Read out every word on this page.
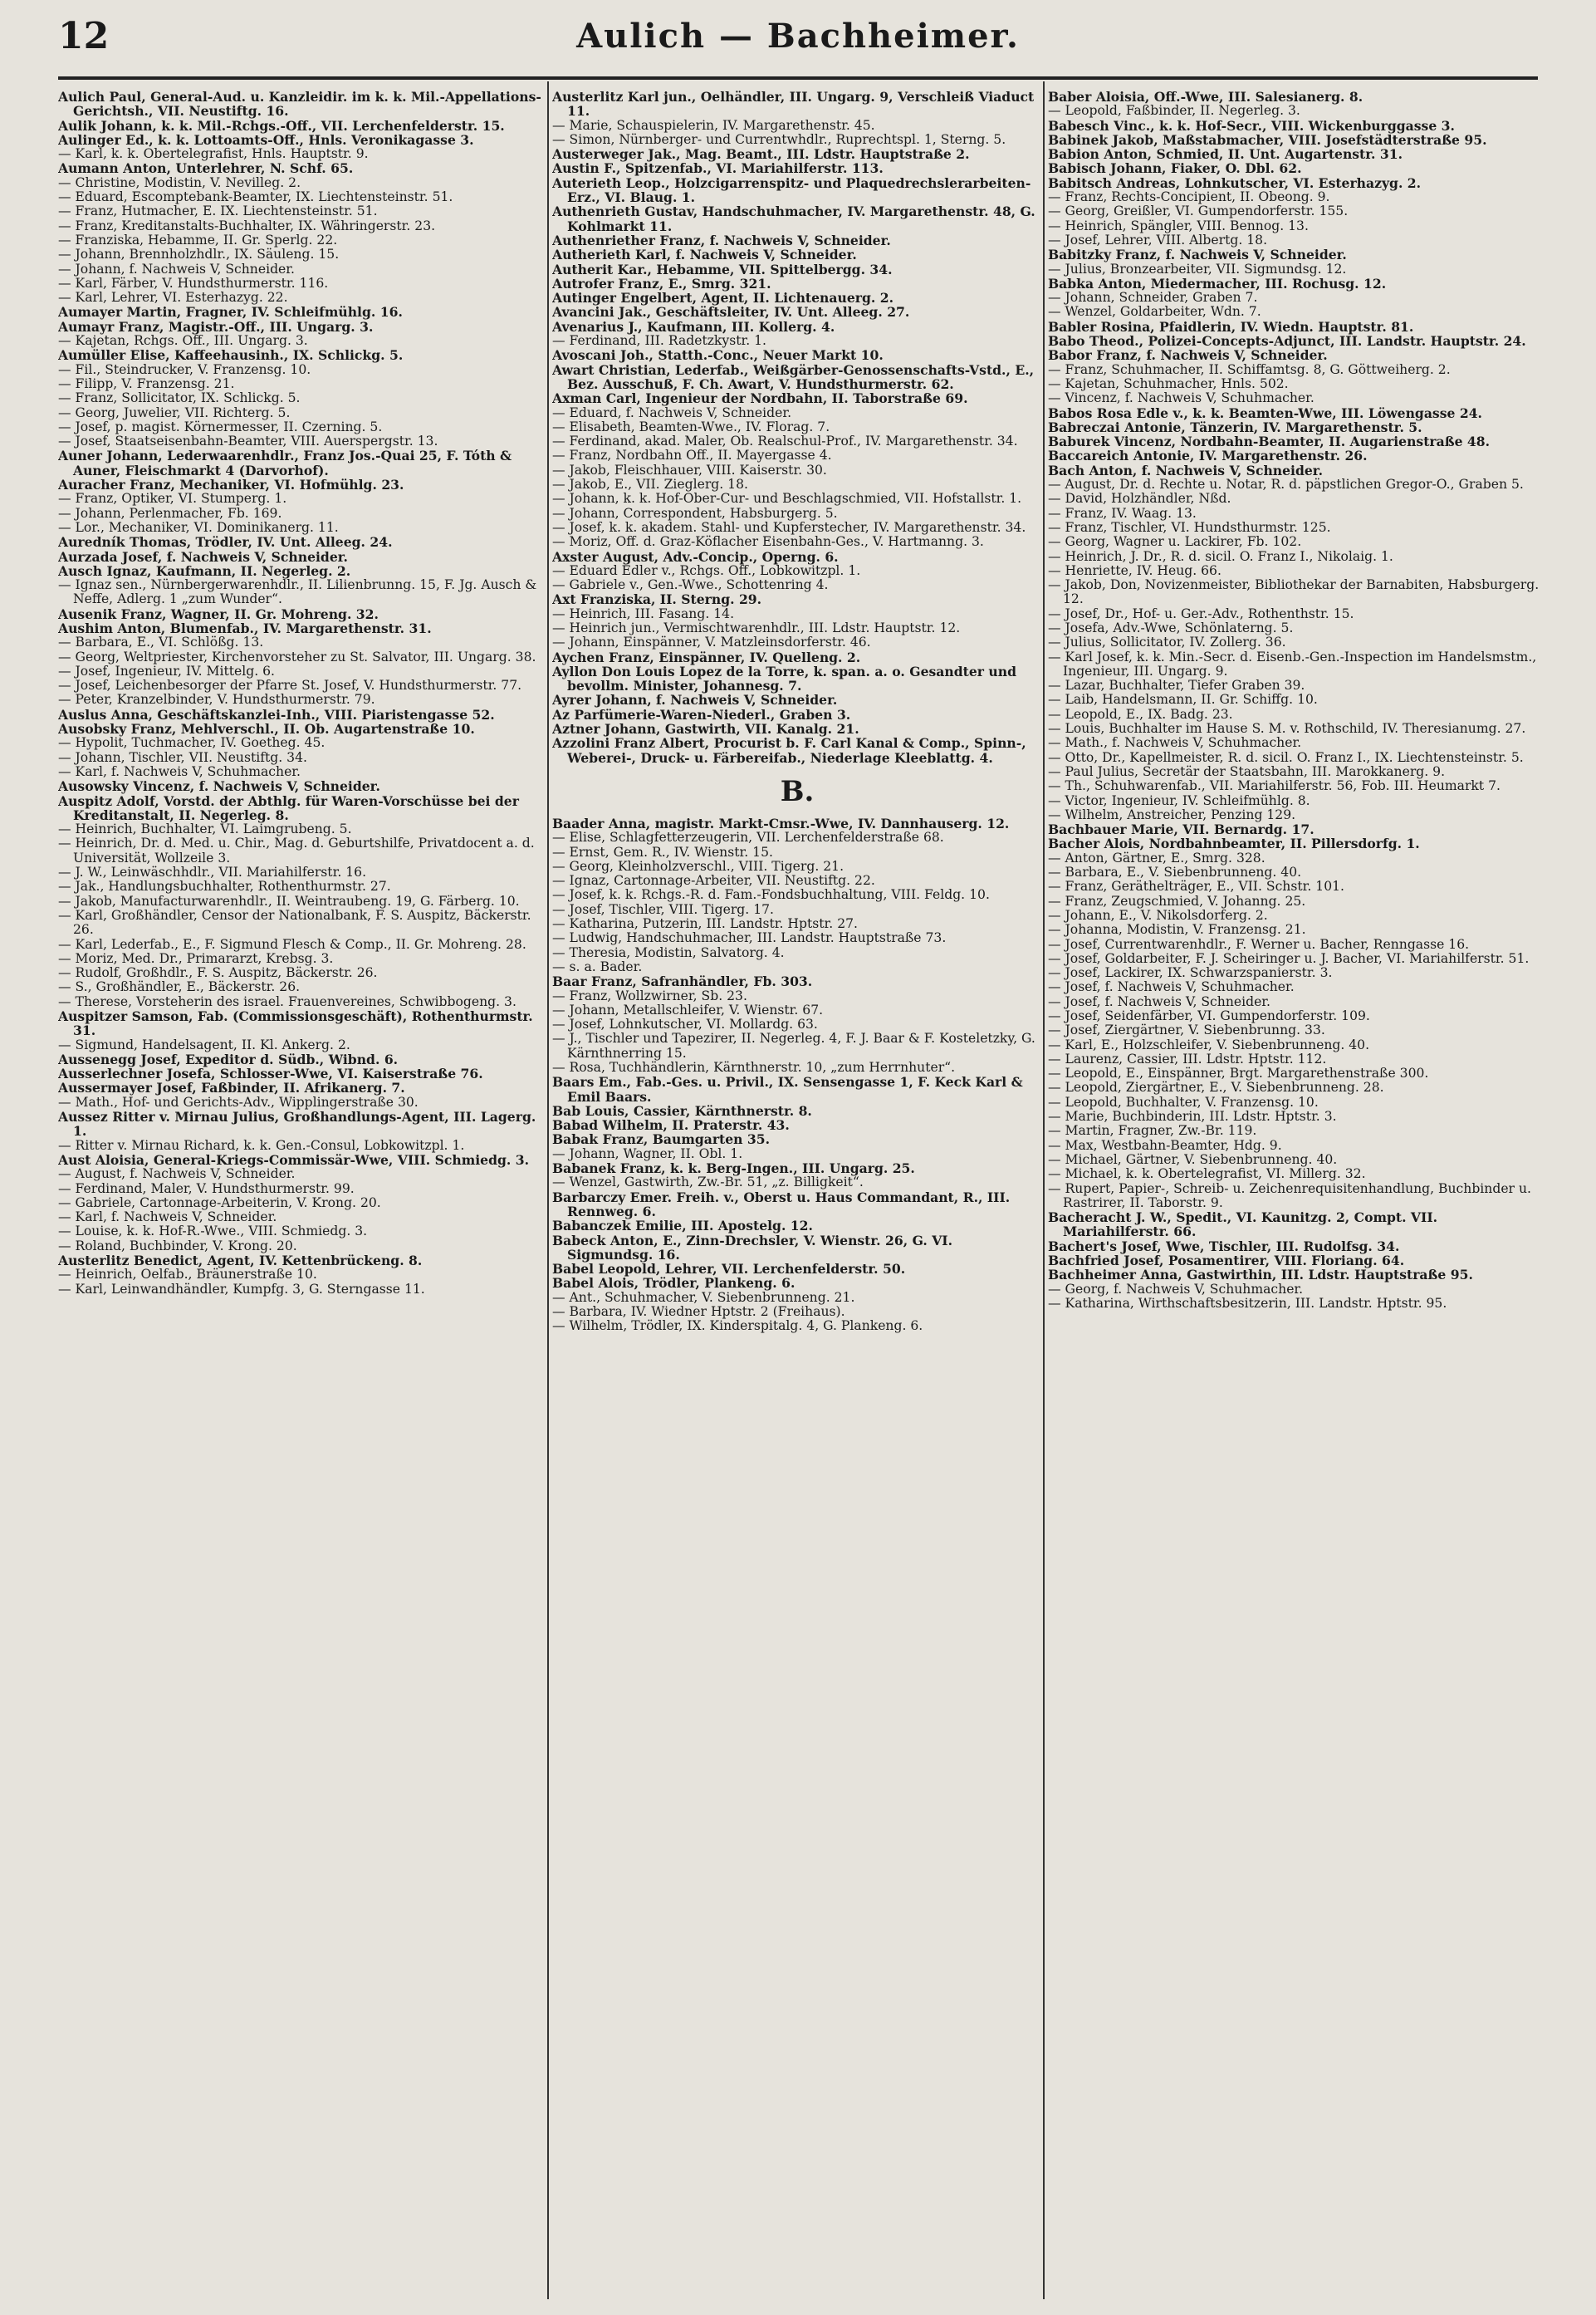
12	Aulich — Bachheimer.

Aulich Paul, General-Aud. u. Kanzleidir. im k. k. Mil.-Appellations-Gerichtsh., VII. Neustiftg. 16.

Aulik Johann, k. k. Mil.-Rchgs.-Off., VII. Lerchenfelderstr. 15.

Aulinger Ed., k. k. Lottoamts-Off., Hnls. Veronikagasse 3.

— Karl, k. k. Obertelegrafist, Hnls. Hauptstr. 9.

Aumann Anton, Unterlehrer, N. Schf. 65.

— Christine, Modistin, V. Nevilleg. 2.

— Eduard, Escomptebank-Beamter, IX. Liechtensteinstr. 51.

— Franz, Hutmacher, E. IX. Liechtensteinstr. 51.

— Franz, Kreditanstalts-Buchhalter, IX. Währingerstr. 23.

— Franziska, Hebamme, II. Gr. Sperlg. 22.

— Johann, Brennholzhdlr., IX. Säuleng. 15.

— Johann, f. Nachweis V, Schneider.

— Karl, Färber, V. Hundsthurmerstr. 116.

— Karl, Lehrer, VI. Esterhazyg. 22.

Aumayer Martin, Fragner, IV. Schleifmühlg. 16.

Aumayr Franz, Magistr.-Off., III. Ungarg. 3.

— Kajetan, Rchgs. Off., III. Ungarg. 3.

Aumüller Elise, Kaffeehausinh., IX. Schlickg. 5.

— Fil., Steindrucker, V. Franzensg. 10.

— Filipp, V. Franzensg. 21.

— Franz, Sollicitator, IX. Schlickg. 5.

— Georg, Juwelier, VII. Richterg. 5.

— Josef, p. magist. Körnermesser, II. Czerning. 5.

— Josef, Staatseisenbahn-Beamter, VIII. Auerspergstr. 13.

Auner Johann, Lederwaarenhdlr., Franz Jos.-Quai 25, F. Tóth & Auner, Fleischmarkt 4 (Darvorhof).

Auracher Franz, Mechaniker, VI. Hofmühlg. 23.

— Franz, Optiker, VI. Stumperg. 1.

— Johann, Perlenmacher, Fb. 169.

— Lor., Mechaniker, VI. Dominikanerg. 11.

Auredník Thomas, Trödler, IV. Unt. Alleeg. 24.

Aurzada Josef, f. Nachweis V, Schneider.

Ausch Ignaz, Kaufmann, II. Negerleg. 2.

— Ignaz sen., Nürnbergerwarenhdlr., II. Lilienbrunng. 15, F. Jg. Ausch & Neffe, Adlerg. 1 „zum Wunder“.

Ausenik Franz, Wagner, II. Gr. Mohreng. 32.

Aushim Anton, Blumenfab., IV. Margarethenstr. 31.

— Barbara, E., VI. Schlößg. 13.

— Georg, Weltpriester, Kirchenvorsteher zu St. Salvator, III. Ungarg. 38.

— Josef, Ingenieur, IV. Mittelg. 6.

— Josef, Leichenbesorger der Pfarre St. Josef, V. Hundsthurmerstr. 77.

— Peter, Kranzelbinder, V. Hundsthurmerstr. 79.

Auslus Anna, Geschäftskanzlei-Inh., VIII. Piaristengasse 52.

Ausobsky Franz, Mehlverschl., II. Ob. Augartenstraße 10.

— Hypolit, Tuchmacher, IV. Goetheg. 45.

— Johann, Tischler, VII. Neustiftg. 34.

— Karl, f. Nachweis V, Schuhmacher.

Ausowsky Vincenz, f. Nachweis V, Schneider.

Auspitz Adolf, Vorstd. der Abthlg. für Waren-Vorschüsse bei der Kreditanstalt, II. Negerleg. 8.

— Heinrich, Buchhalter, VI. Laimgrubeng. 5.

— Heinrich, Dr. d. Med. u. Chir., Mag. d. Geburtshilfe, Privatdocent a. d. Universität, Wollzeile 3.

— J. W., Leinwäschhdlr., VII. Mariahilferstr. 16.

— Jak., Handlungsbuchhalter, Rothenthurmstr. 27.

— Jakob, Manufacturwarenhdlr., II. Weintraubeng. 19, G. Färberg. 10.

— Karl, Großhändler, Censor der Nationalbank, F. S. Auspitz, Bäckerstr. 26.

— Karl, Lederfab., E., F. Sigmund Flesch & Comp., II. Gr. Mohreng. 28.

— Moriz, Med. Dr., Primararzt, Krebsg. 3.

— Rudolf, Großhdlr., F. S. Auspitz, Bäckerstr. 26.

— S., Großhändler, E., Bäckerstr. 26.

— Therese, Vorsteherin des israel. Frauenvereines, Schwibbogeng. 3.

Auspitzer Samson, Fab. (Commissionsgeschäft), Rothenthurmstr. 31.

— Sigmund, Handelsagent, II. Kl. Ankerg. 2.

Aussenegg Josef, Expeditor d. Südb., Wibnd. 6.

Ausserlechner Josefa, Schlosser-Wwe, VI. Kaiserstraße 76.

Aussermayer Josef, Faßbinder, II. Afrikanerg. 7.

— Math., Hof- und Gerichts-Adv., Wipplingerstraße 30.

Aussez Ritter v. Mirnau Julius, Großhandlungs-Agent, III. Lagerg. 1.

— Ritter v. Mirnau Richard, k. k. Gen.-Consul, Lobkowitzpl. 1.

Aust Aloisia, General-Kriegs-Commissär-Wwe, VIII. Schmiedg. 3.

— August, f. Nachweis V, Schneider.

— Ferdinand, Maler, V. Hundsthurmerstr. 99.

— Gabriele, Cartonnage-Arbeiterin, V. Krong. 20.

— Karl, f. Nachweis V, Schneider.

— Louise, k. k. Hof-R.-Wwe., VIII. Schmiedg. 3.

— Roland, Buchbinder, V. Krong. 20.

Austerlitz Benedict, Agent, IV. Kettenbrückeng. 8.

— Heinrich, Oelfab., Bräunerstraße 10.

— Karl, Leinwandhändler, Kumpfg. 3, G. Sterngasse 11.

Austerlitz Karl jun., Oelhändler, III. Ungarg. 9, Verschleiß Viaduct 11.

— Marie, Schauspielerin, IV. Margarethenstr. 45.

— Simon, Nürnberger- und Currentwhdlr., Ruprechtspl. 1, Sterng. 5.

Austerweger Jak., Mag. Beamt., III. Ldstr. Hauptstraße 2.

Austin F., Spitzenfab., VI. Mariahilferstr. 113.

Auterieth Leop., Holzcigarrenspitz- und Plaquedrechslerarbeiten-Erz., VI. Blaug. 1.

Authenrieth Gustav, Handschuhmacher, IV. Margarethenstr. 48, G. Kohlmarkt 11.

Authenriether Franz, f. Nachweis V, Schneider.

Autherieth Karl, f. Nachweis V, Schneider.

Autherit Kar., Hebamme, VII. Spittelbergg. 34.

Autrofer Franz, E., Smrg. 321.

Autinger Engelbert, Agent, II. Lichtenauerg. 2.

Avancini Jak., Geschäftsleiter, IV. Unt. Alleeg. 27.

Avenarius J., Kaufmann, III. Kollerg. 4.

— Ferdinand, III. Radetzkystr. 1.

Avoscani Joh., Statth.-Conc., Neuer Markt 10.

Awart Christian, Lederfab., Weißgärber-Genossenschafts-Vstd., E., Bez. Ausschuß, F. Ch. Awart, V. Hundsthurmerstr. 62.

Axman Carl, Ingenieur der Nordbahn, II. Taborstraße 69.

— Eduard, f. Nachweis V, Schneider.

— Elisabeth, Beamten-Wwe., IV. Florag. 7.

— Ferdinand, akad. Maler, Ob. Realschul-Prof., IV. Margarethenstr. 34.

— Franz, Nordbahn Off., II. Mayergasse 4.

— Jakob, Fleischhauer, VIII. Kaiserstr. 30.

— Jakob, E., VII. Zieglerg. 18.

— Johann, k. k. Hof-Ober-Cur- und Beschlagschmied, VII. Hofstallstr. 1.

— Johann, Correspondent, Habsburgerg. 5.

— Josef, k. k. akadem. Stahl- und Kupferstecher, IV. Margarethenstr. 34.

— Moriz, Off. d. Graz-Köflacher Eisenbahn-Ges., V. Hartmanng. 3.

Axster August, Adv.-Concip., Operng. 6.

— Eduard Edler v., Rchgs. Off., Lobkowitzpl. 1.

— Gabriele v., Gen.-Wwe., Schottenring 4.

Axt Franziska, II. Sterng. 29.

— Heinrich, III. Fasang. 14.

— Heinrich jun., Vermischtwarenhdlr., III. Ldstr. Hauptstr. 12.

— Johann, Einspänner, V. Matzleinsdorferstr. 46.

Aychen Franz, Einspänner, IV. Quelleng. 2.

Ayllon Don Louis Lopez de la Torre, k. span. a. o. Gesandter und bevollm. Minister, Johannesg. 7.

Ayrer Johann, f. Nachweis V, Schneider.

Az Parfümerie-Waren-Niederl., Graben 3.

Aztner Johann, Gastwirth, VII. Kanalg. 21.

Azzolini Franz Albert, Procurist b. F. Carl Kanal & Comp., Spinn-, Weberei-, Druck- u. Färbereifab., Niederlage Kleeblattg. 4.

B.

Baader Anna, magistr. Markt-Cmsr.-Wwe, IV. Dannhauserg. 12.

— Elise, Schlagfetterzeugerin, VII. Lerchenfelderstraße 68.

— Ernst, Gem. R., IV. Wienstr. 15.

— Georg, Kleinholzverschl., VIII. Tigerg. 21.

— Ignaz, Cartonnage-Arbeiter, VII. Neustiftg. 22.

— Josef, k. k. Rchgs.-R. d. Fam.-Fondsbuchhaltung, VIII. Feldg. 10.

— Josef, Tischler, VIII. Tigerg. 17.

— Katharina, Putzerin, III. Landstr. Hptstr. 27.

— Ludwig, Handschuhmacher, III. Landstr. Hauptstraße 73.

— Theresia, Modistin, Salvatorg. 4.

— s. a. Bader.

Baar Franz, Safranhändler, Fb. 303.

— Franz, Wollzwirner, Sb. 23.

— Johann, Metallschleifer, V. Wienstr. 67.

— Josef, Lohnkutscher, VI. Mollardg. 63.

— J., Tischler und Tapezirer, II. Negerleg. 4, F. J. Baar & F. Kosteletzky, G. Kärnthnerring 15.

— Rosa, Tuchhändlerin, Kärnthnerstr. 10, „zum Herrnhuter“.

Baars Em., Fab.-Ges. u. Privil., IX. Sensengasse 1, F. Keck Karl & Emil Baars.

Bab Louis, Cassier, Kärnthnerstr. 8.

Babad Wilhelm, II. Praterstr. 43.

Babak Franz, Baumgarten 35.

— Johann, Wagner, II. Obl. 1.

Babanek Franz, k. k. Berg-Ingen., III. Ungarg. 25.

— Wenzel, Gastwirth, Zw.-Br. 51, „z. Billigkeit“.

Barbarczy Emer. Freih. v., Oberst u. Haus Commandant, R., III. Rennweg. 6.

Babanczek Emilie, III. Apostelg. 12.

Babeck Anton, E., Zinn-Drechsler, V. Wienstr. 26, G. VI. Sigmundsg. 16.

Babel Leopold, Lehrer, VII. Lerchenfelderstr. 50.

Babel Alois, Trödler, Plankeng. 6.

— Ant., Schuhmacher, V. Siebenbrunneng. 21.

— Barbara, IV. Wiedner Hptstr. 2 (Freihaus).

— Wilhelm, Trödler, IX. Kinderspitalg. 4, G. Plankeng. 6.

Baber Aloisia, Off.-Wwe, III. Salesianerg. 8.

— Leopold, Faßbinder, II. Negerleg. 3.

Babesch Vinc., k. k. Hof-Secr., VIII. Wickenburggasse 3.

Babinek Jakob, Maßstabmacher, VIII. Josefstädterstraße 95.

Babion Anton, Schmied, II. Unt. Augartenstr. 31.

Babisch Johann, Fiaker, O. Dbl. 62.

Babitsch Andreas, Lohnkutscher, VI. Esterhazyg. 2.

— Franz, Rechts-Concipient, II. Obeong. 9.

— Georg, Greißler, VI. Gumpendorferstr. 155.

— Heinrich, Spängler, VIII. Bennog. 13.

— Josef, Lehrer, VIII. Albertg. 18.

Babitzky Franz, f. Nachweis V, Schneider.

— Julius, Bronzearbeiter, VII. Sigmundsg. 12.

Babka Anton, Miedermacher, III. Rochusg. 12.

— Johann, Schneider, Graben 7.

— Wenzel, Goldarbeiter, Wdn. 7.

Babler Rosina, Pfaidlerin, IV. Wiedn. Hauptstr. 81.

Babo Theod., Polizei-Concepts-Adjunct, III. Landstr. Hauptstr. 24.

Babor Franz, f. Nachweis V, Schneider.

— Franz, Schuhmacher, II. Schiffamtsg. 8, G. Göttweiherg. 2.

— Kajetan, Schuhmacher, Hnls. 502.

— Vincenz, f. Nachweis V, Schuhmacher.

Babos Rosa Edle v., k. k. Beamten-Wwe, III. Löwengasse 24.

Babreczai Antonie, Tänzerin, IV. Margarethenstr. 5.

Baburek Vincenz, Nordbahn-Beamter, II. Augarienstraße 48.

Baccareich Antonie, IV. Margarethenstr. 26.

Bach Anton, f. Nachweis V, Schneider.

— August, Dr. d. Rechte u. Notar, R. d. päpstlichen Gregor-O., Graben 5.

— David, Holzhändler, Nßd.

— Franz, IV. Waag. 13.

— Franz, Tischler, VI. Hundsthurmstr. 125.

— Georg, Wagner u. Lackirer, Fb. 102.

— Heinrich, J. Dr., R. d. sicil. O. Franz I., Nikolaig. 1.

— Henriette, IV. Heug. 66.

— Jakob, Don, Novizenmeister, Bibliothekar der Barnabiten, Habsburgerg. 12.

— Josef, Dr., Hof- u. Ger.-Adv., Rothenthstr. 15.

— Josefa, Adv.-Wwe, Schönlaterng. 5.

— Julius, Sollicitator, IV. Zollerg. 36.

— Karl Josef, k. k. Min.-Secr. d. Eisenb.-Gen.-Inspection im Handelsmstm., Ingenieur, III. Ungarg. 9.

— Lazar, Buchhalter, Tiefer Graben 39.

— Laib, Handelsmann, II. Gr. Schiffg. 10.

— Leopold, E., IX. Badg. 23.

— Louis, Buchhalter im Hause S. M. v. Rothschild, IV. Theresianumg. 27.

— Math., f. Nachweis V, Schuhmacher.

— Otto, Dr., Kapellmeister, R. d. sicil. O. Franz I., IX. Liechtensteinstr. 5.

— Paul Julius, Secretär der Staatsbahn, III. Marokkanerg. 9.

— Th., Schuhwarenfab., VII. Mariahilferstr. 56, Fob. III. Heumarkt 7.

— Victor, Ingenieur, IV. Schleifmühlg. 8.

— Wilhelm, Anstreicher, Penzing 129.

Bachbauer Marie, VII. Bernardg. 17.

Bacher Alois, Nordbahnbeamter, II. Pillersdorfg. 1.

— Anton, Gärtner, E., Smrg. 328.

— Barbara, E., V. Siebenbrunneng. 40.

— Franz, Geräthelträger, E., VII. Schstr. 101.

— Franz, Zeugschmied, V. Johanng. 25.

— Johann, E., V. Nikolsdorferg. 2.

— Johanna, Modistin, V. Franzensg. 21.

— Josef, Currentwarenhdlr., F. Werner u. Bacher, Renngasse 16.

— Josef, Goldarbeiter, F. J. Scheiringer u. J. Bacher, VI. Mariahilferstr. 51.

— Josef, Lackirer, IX. Schwarzspanierstr. 3.

— Josef, f. Nachweis V, Schuhmacher.

— Josef, f. Nachweis V, Schneider.

— Josef, Seidenfärber, VI. Gumpendorferstr. 109.

— Josef, Ziergärtner, V. Siebenbrunng. 33.

— Karl, E., Holzschleifer, V. Siebenbrunneng. 40.

— Laurenz, Cassier, III. Ldstr. Hptstr. 112.

— Leopold, E., Einspänner, Brgt. Margarethenstraße 300.

— Leopold, Ziergärtner, E., V. Siebenbrunneng. 28.

— Leopold, Buchhalter, V. Franzensg. 10.

— Marie, Buchbinderin, III. Ldstr. Hptstr. 3.

— Martin, Fragner, Zw.-Br. 119.

— Max, Westbahn-Beamter, Hdg. 9.

— Michael, Gärtner, V. Siebenbrunneng. 40.

— Michael, k. k. Obertelegrafist, VI. Millerg. 32.

— Rupert, Papier-, Schreib- u. Zeichenrequisitenhandlung, Buchbinder u. Rastrirer, II. Taborstr. 9.

Bacheracht J. W., Spedit., VI. Kaunitzg. 2, Compt. VII. Mariahilferstr. 66.

Bachert's Josef, Wwe, Tischler, III. Rudolfsg. 34.

Bachfried Josef, Posamentirer, VIII. Floriang. 64.

Bachheimer Anna, Gastwirthin, III. Ldstr. Hauptstraße 95.

— Georg, f. Nachweis V, Schuhmacher.

— Katharina, Wirthschaftsbesitzerin, III. Landstr. Hptstr. 95.
